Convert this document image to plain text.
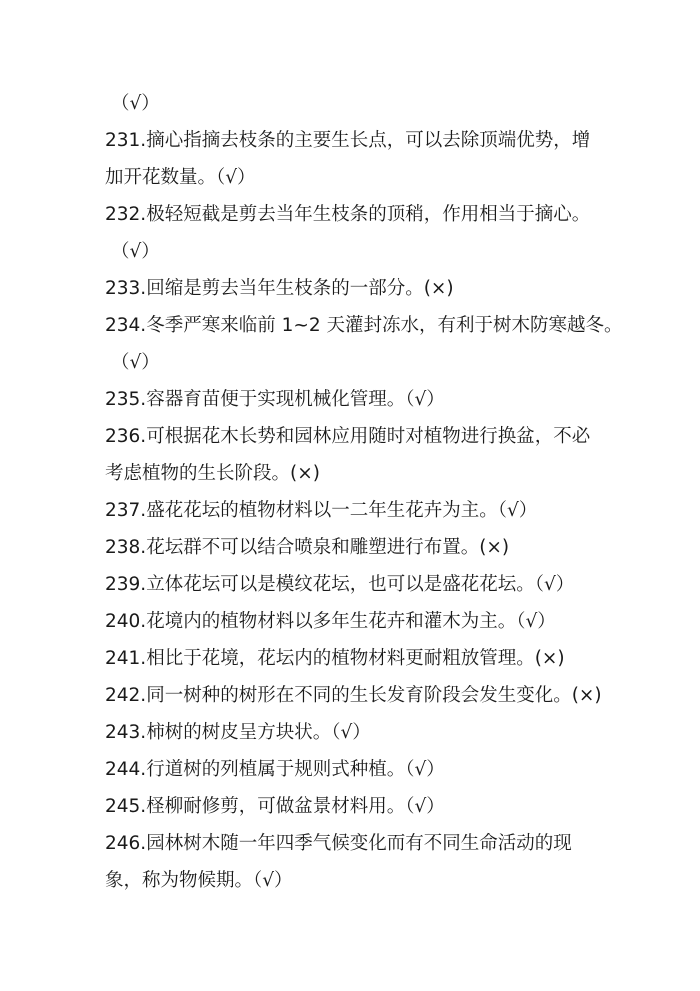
（√）
231.摘心指摘去枝条的主要生长点，可以去除顶端优势，增
加开花数量。（√）
232.极轻短截是剪去当年生枝条的顶稍，作用相当于摘心。
（√）
233.回缩是剪去当年生枝条的一部分。(×)
234.冬季严寒来临前 1~2 天灌封冻水，有利于树木防寒越冬。
（√）
235.容器育苗便于实现机械化管理。（√）
236.可根据花木长势和园林应用随时对植物进行换盆，不必
考虑植物的生长阶段。(×)
237.盛花花坛的植物材料以一二年生花卉为主。（√）
238.花坛群不可以结合喷泉和雕塑进行布置。(×)
239.立体花坛可以是模纹花坛，也可以是盛花花坛。（√）
240.花境内的植物材料以多年生花卉和灌木为主。（√）
241.相比于花境，花坛内的植物材料更耐粗放管理。(×)
242.同一树种的树形在不同的生长发育阶段会发生变化。(×)
243.柿树的树皮呈方块状。（√）
244.行道树的列植属于规则式种植。（√）
245.柽柳耐修剪，可做盆景材料用。（√）
246.园林树木随一年四季气候变化而有不同生命活动的现
象，称为物候期。（√）
